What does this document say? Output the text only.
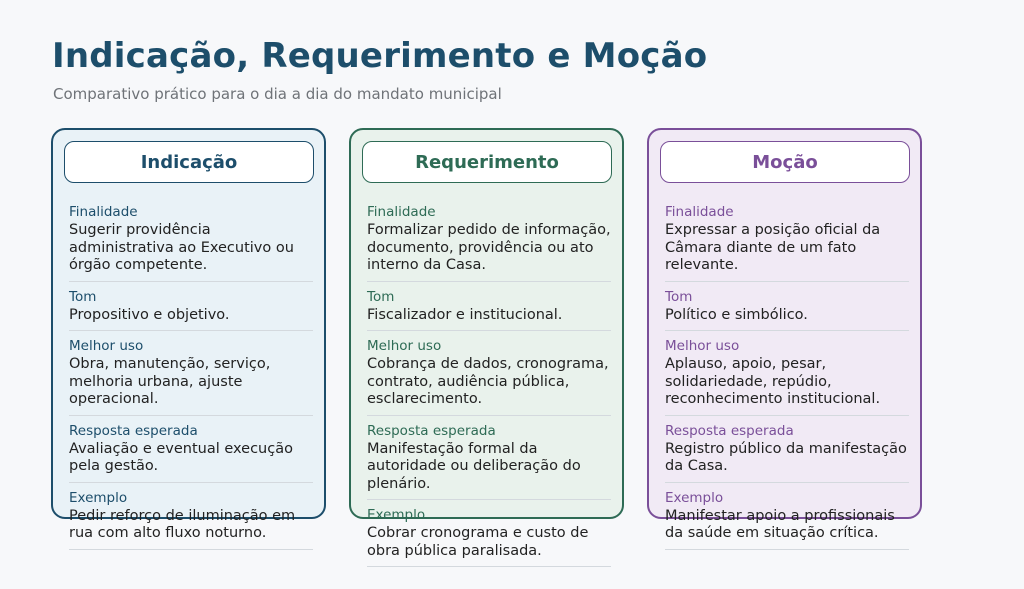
Indicação, Requerimento e Moção
Comparativo prático para o dia a dia do mandato municipal
Indicação
Finalidade
Sugerir providência administrativa ao Executivo ou órgão competente.
Tom
Propositivo e objetivo.
Melhor uso
Obra, manutenção, serviço, melhoria urbana, ajuste operacional.
Resposta esperada
Avaliação e eventual execução pela gestão.
Exemplo
Pedir reforço de iluminação em rua com alto fluxo noturno.
Requerimento
Finalidade
Formalizar pedido de informação, documento, providência ou ato interno da Casa.
Tom
Fiscalizador e institucional.
Melhor uso
Cobrança de dados, cronograma, contrato, audiência pública, esclarecimento.
Resposta esperada
Manifestação formal da autoridade ou deliberação do plenário.
Exemplo
Cobrar cronograma e custo de obra pública paralisada.
Moção
Finalidade
Expressar a posição oficial da Câmara diante de um fato relevante.
Tom
Político e simbólico.
Melhor uso
Aplauso, apoio, pesar, solidariedade, repúdio, reconhecimento institucional.
Resposta esperada
Registro público da manifestação da Casa.
Exemplo
Manifestar apoio a profissionais da saúde em situação crítica.
